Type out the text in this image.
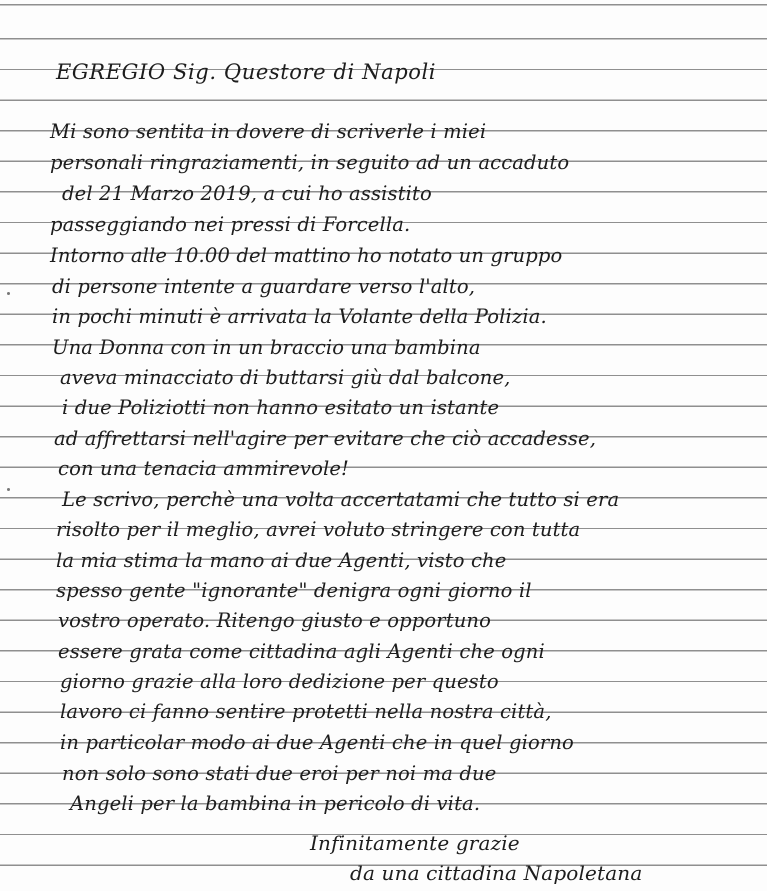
EGREGIO Sig. Questore di Napoli
Mi sono sentita in dovere di scriverle i miei
personali ringraziamenti, in seguito ad un accaduto
del 21 Marzo 2019, a cui ho assistito
passeggiando nei pressi di Forcella.
Intorno alle 10.00 del mattino ho notato un gruppo
di persone intente a guardare verso l'alto,
in pochi minuti è arrivata la Volante della Polizia.
Una Donna con in un braccio una bambina
aveva minacciato di buttarsi giù dal balcone,
i due Poliziotti non hanno esitato un istante
ad affrettarsi nell'agire per evitare che ciò accadesse,
con una tenacia ammirevole!
Le scrivo, perchè una volta accertatami che tutto si era
risolto per il meglio, avrei voluto stringere con tutta
la mia stima la mano ai due Agenti, visto che
spesso gente "ignorante" denigra ogni giorno il
vostro operato. Ritengo giusto e opportuno
essere grata come cittadina agli Agenti che ogni
giorno grazie alla loro dedizione per questo
lavoro ci fanno sentire protetti nella nostra città,
in particolar modo ai due Agenti che in quel giorno
non solo sono stati due eroi per noi ma due
Angeli per la bambina in pericolo di vita.
Infinitamente grazie
da una cittadina Napoletana
